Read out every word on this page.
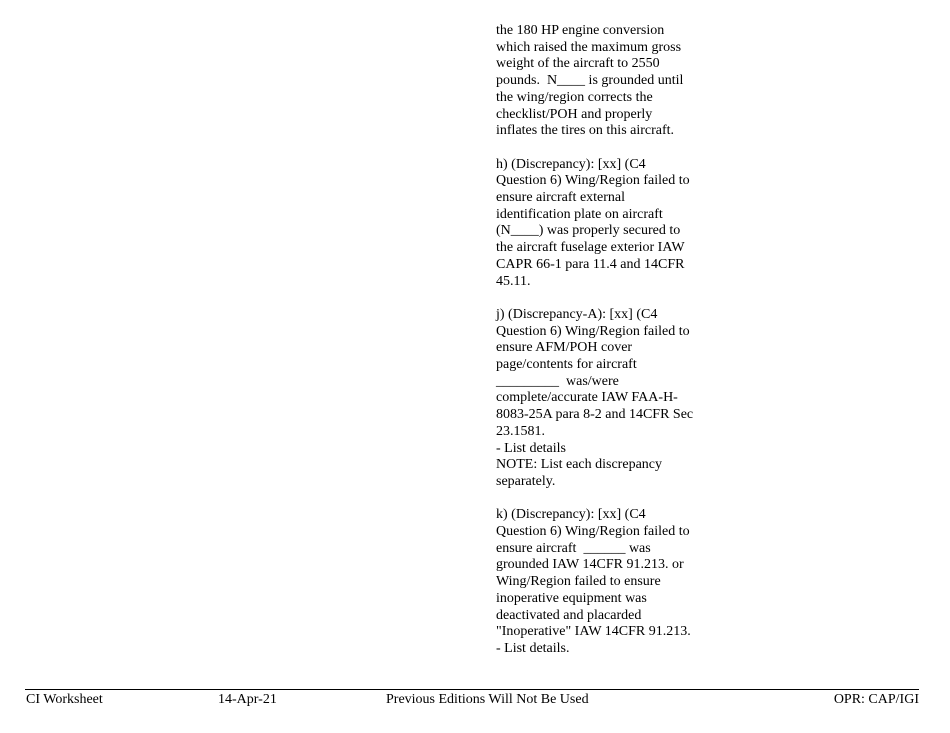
the 180 HP engine conversion
which raised the maximum gross
weight of the aircraft to 2550
pounds.  N____ is grounded until
the wing/region corrects the
checklist/POH and properly
inflates the tires on this aircraft.
h) (Discrepancy): [xx] (C4
Question 6) Wing/Region failed to
ensure aircraft external
identification plate on aircraft
(N____) was properly secured to
the aircraft fuselage exterior IAW
CAPR 66-1 para 11.4 and 14CFR
45.11.
j) (Discrepancy-A): [xx] (C4
Question 6) Wing/Region failed to
ensure AFM/POH cover
page/contents for aircraft
_________  was/were
complete/accurate IAW FAA-H-
8083-25A para 8-2 and 14CFR Sec
23.1581.
- List details
NOTE: List each discrepancy
separately.
k) (Discrepancy): [xx] (C4
Question 6) Wing/Region failed to
ensure aircraft  ______ was
grounded IAW 14CFR 91.213. or
Wing/Region failed to ensure
inoperative equipment was
deactivated and placarded
"Inoperative" IAW 14CFR 91.213.
- List details.
CI Worksheet	14-Apr-21	Previous Editions Will Not Be Used	OPR: CAP/IGI
